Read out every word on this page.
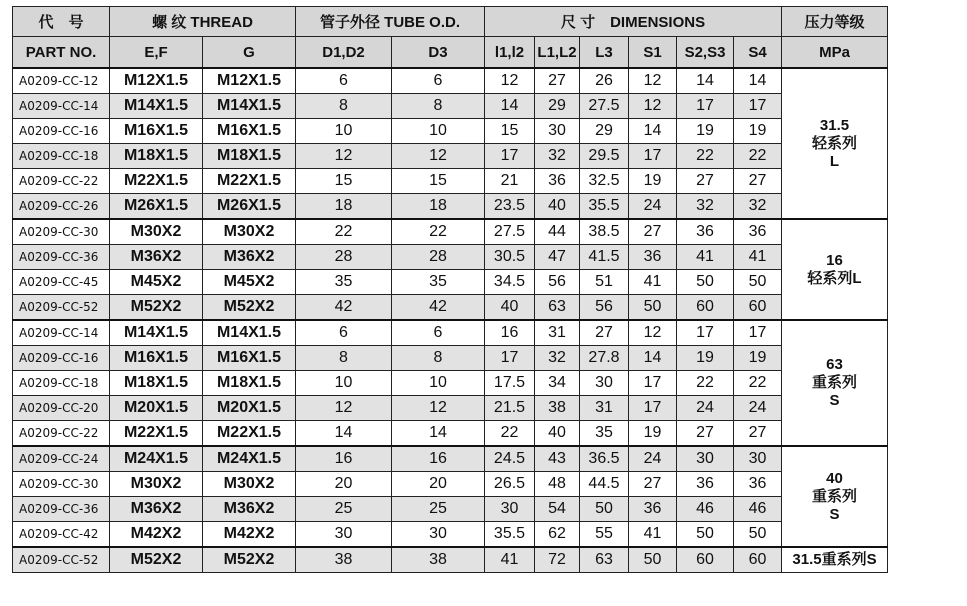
代　号	螺 纹 THREAD		管子外径 TUBE O.D.		尺 寸　DIMENSIONS						压力等级
PART NO.	E,F	G	D1,D2	D3	l1,l2	L1,L2	L3	S1	S2,S3	S4	MPa
A0209-CC-12	M12X1.5	M12X1.5	6	6	12	27	26	12	14	14	31.5
轻系列
L

A0209-CC-14	M14X1.5	M14X1.5	8	8	14	29	27.5	12	17	17	
A0209-CC-16	M16X1.5	M16X1.5	10	10	15	30	29	14	19	19	
A0209-CC-18	M18X1.5	M18X1.5	12	12	17	32	29.5	17	22	22	
A0209-CC-22	M22X1.5	M22X1.5	15	15	21	36	32.5	19	27	27	
A0209-CC-26	M26X1.5	M26X1.5	18	18	23.5	40	35.5	24	32	32	
A0209-CC-30	M30X2	M30X2	22	22	27.5	44	38.5	27	36	36	16
轻系列L

A0209-CC-36	M36X2	M36X2	28	28	30.5	47	41.5	36	41	41	
A0209-CC-45	M45X2	M45X2	35	35	34.5	56	51	41	50	50	
A0209-CC-52	M52X2	M52X2	42	42	40	63	56	50	60	60	
A0209-CC-14	M14X1.5	M14X1.5	6	6	16	31	27	12	17	17	63
重系列
S

A0209-CC-16	M16X1.5	M16X1.5	8	8	17	32	27.8	14	19	19	
A0209-CC-18	M18X1.5	M18X1.5	10	10	17.5	34	30	17	22	22	
A0209-CC-20	M20X1.5	M20X1.5	12	12	21.5	38	31	17	24	24	
A0209-CC-22	M22X1.5	M22X1.5	14	14	22	40	35	19	27	27	
A0209-CC-24	M24X1.5	M24X1.5	16	16	24.5	43	36.5	24	30	30	40
重系列
S

A0209-CC-30	M30X2	M30X2	20	20	26.5	48	44.5	27	36	36	
A0209-CC-36	M36X2	M36X2	25	25	30	54	50	36	46	46	
A0209-CC-42	M42X2	M42X2	30	30	35.5	62	55	41	50	50	
A0209-CC-52	M52X2	M52X2	38	38	41	72	63	50	60	60	31.5重系列S
